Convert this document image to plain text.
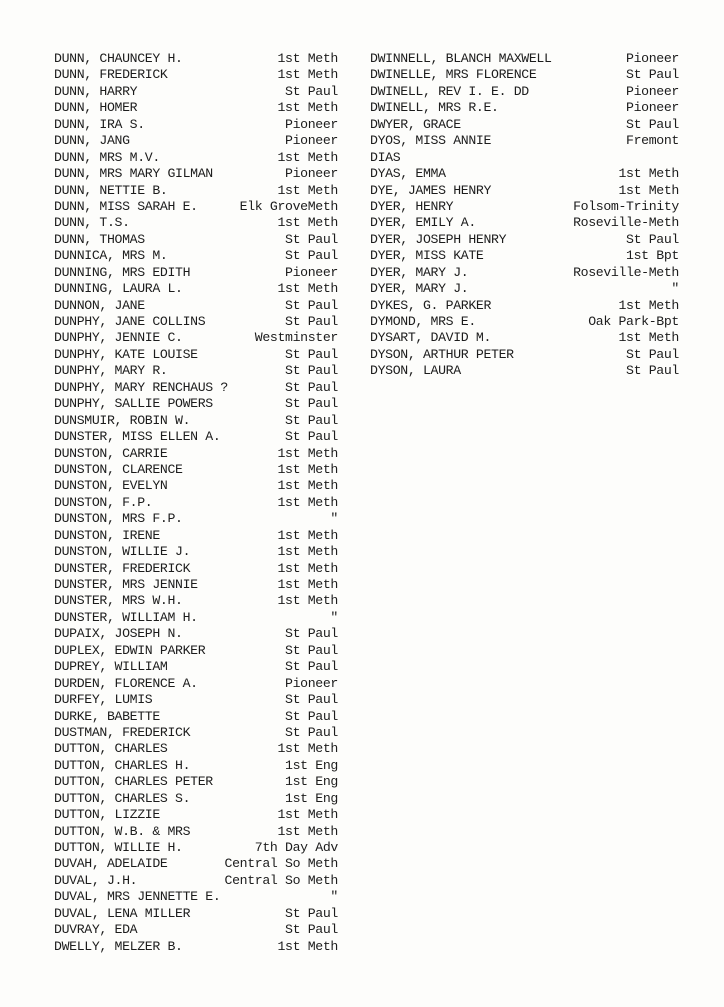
DUNN, CHAUNCEY H.	1st Meth
DUNN, FREDERICK	1st Meth
DUNN, HARRY	St Paul
DUNN, HOMER	1st Meth
DUNN, IRA S.	Pioneer
DUNN, JANG	Pioneer
DUNN, MRS M.V.	1st Meth
DUNN, MRS MARY GILMAN	Pioneer
DUNN, NETTIE B.	1st Meth
DUNN, MISS SARAH E.	Elk GroveMeth
DUNN, T.S.	1st Meth
DUNN, THOMAS	St Paul
DUNNICA, MRS M.	St Paul
DUNNING, MRS EDITH	Pioneer
DUNNING, LAURA L.	1st Meth
DUNNON, JANE	St Paul
DUNPHY, JANE COLLINS	St Paul
DUNPHY, JENNIE C.	Westminster
DUNPHY, KATE LOUISE	St Paul
DUNPHY, MARY R.	St Paul
DUNPHY, MARY RENCHAUS ?	St Paul
DUNPHY, SALLIE POWERS	St Paul
DUNSMUIR, ROBIN W.	St Paul
DUNSTER, MISS ELLEN A.	St Paul
DUNSTON, CARRIE	1st Meth
DUNSTON, CLARENCE	1st Meth
DUNSTON, EVELYN	1st Meth
DUNSTON, F.P.	1st Meth
DUNSTON, MRS F.P.	"
DUNSTON, IRENE	1st Meth
DUNSTON, WILLIE J.	1st Meth
DUNSTER, FREDERICK	1st Meth
DUNSTER, MRS JENNIE	1st Meth
DUNSTER, MRS W.H.	1st Meth
DUNSTER, WILLIAM H.	"
DUPAIX, JOSEPH N.	St Paul
DUPLEX, EDWIN PARKER	St Paul
DUPREY, WILLIAM	St Paul
DURDEN, FLORENCE A.	Pioneer
DURFEY, LUMIS	St Paul
DURKE, BABETTE	St Paul
DUSTMAN, FREDERICK	St Paul
DUTTON, CHARLES	1st Meth
DUTTON, CHARLES H.	1st Eng
DUTTON, CHARLES PETER	1st Eng
DUTTON, CHARLES S.	1st Eng
DUTTON, LIZZIE	1st Meth
DUTTON, W.B. & MRS	1st Meth
DUTTON, WILLIE H.	7th Day Adv
DUVAH, ADELAIDE	Central So Meth
DUVAL, J.H.	Central So Meth
DUVAL, MRS JENNETTE E.	"
DUVAL, LENA MILLER	St Paul
DUVRAY, EDA	St Paul
DWELLY, MELZER B.	1st Meth
DWINNELL, BLANCH MAXWELL	Pioneer
DWINELLE, MRS FLORENCE	St Paul
DWINELL, REV I. E. DD	Pioneer
DWINELL, MRS R.E.	Pioneer
DWYER, GRACE	St Paul
DYOS, MISS ANNIE	Fremont
DIAS
DYAS, EMMA	1st Meth
DYE, JAMES HENRY	1st Meth
DYER, HENRY	Folsom-Trinity
DYER, EMILY A.	Roseville-Meth
DYER, JOSEPH HENRY	St Paul
DYER, MISS KATE	1st Bpt
DYER, MARY J.	Roseville-Meth
DYER, MARY J.	"
DYKES, G. PARKER	1st Meth
DYMOND, MRS E.	Oak Park-Bpt
DYSART, DAVID M.	1st Meth
DYSON, ARTHUR PETER	St Paul
DYSON, LAURA	St Paul
